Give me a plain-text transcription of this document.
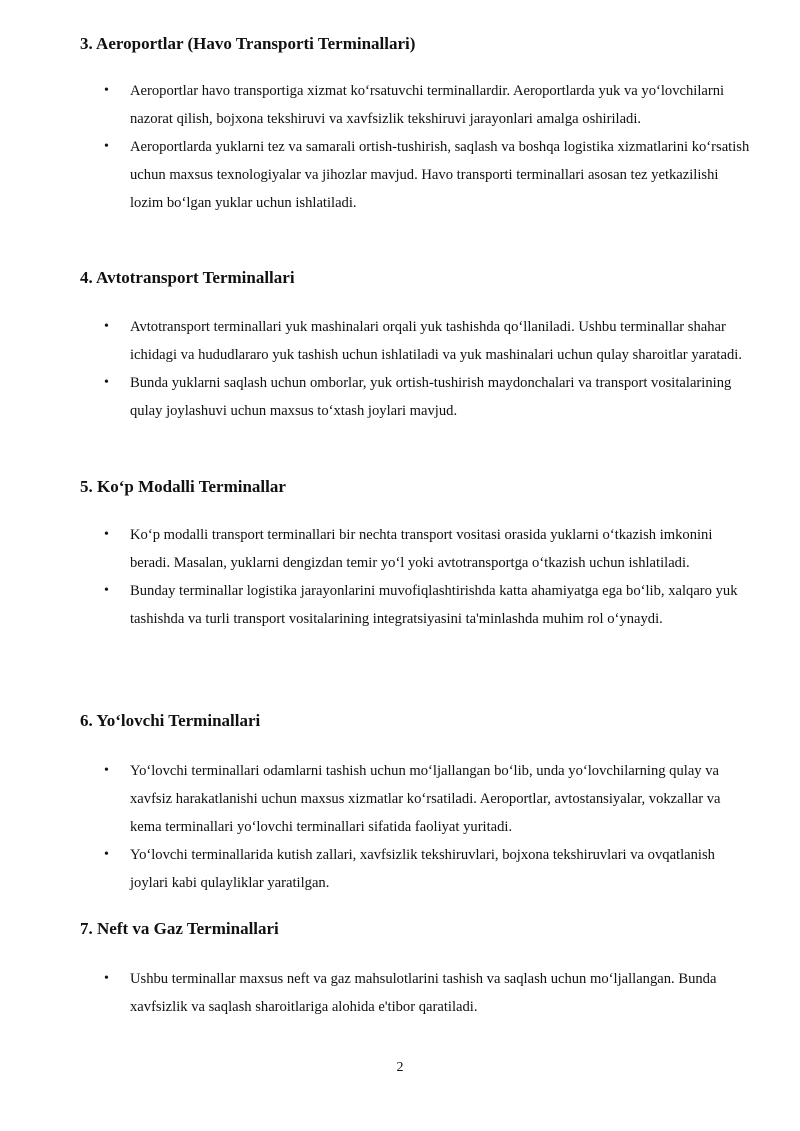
3. Aeroportlar (Havo Transporti Terminallari)
• Aeroportlar havo transportiga xizmat ko‘rsatuvchi terminallardir. Aeroportlarda yuk va yo‘lovchilarni nazorat qilish, bojxona tekshiruvi va xavfsizlik tekshiruvi jarayonlari amalga oshiriladi.
• Aeroportlarda yuklarni tez va samarali ortish-tushirish, saqlash va boshqa logistika xizmatlarini ko‘rsatish uchun maxsus texnologiyalar va jihozlar mavjud. Havo transporti terminallari asosan tez yetkazilishi lozim bo‘lgan yuklar uchun ishlatiladi.
4. Avtotransport Terminallari
• Avtotransport terminallari yuk mashinalari orqali yuk tashishda qo‘llaniladi. Ushbu terminallar shahar ichidagi va hududlararo yuk tashish uchun ishlatiladi va yuk mashinalari uchun qulay sharoitlar yaratadi.
• Bunda yuklarni saqlash uchun omborlar, yuk ortish-tushirish maydonchalari va transport vositalarining qulay joylashuvi uchun maxsus to‘xtash joylari mavjud.
5. Ko‘p Modalli Terminallar
• Ko‘p modalli transport terminallari bir nechta transport vositasi orasida yuklarni o‘tkazish imkonini beradi. Masalan, yuklarni dengizdan temir yo‘l yoki avtotransportga o‘tkazish uchun ishlatiladi.
• Bunday terminallar logistika jarayonlarini muvofiqlashtirishda katta ahamiyatga ega bo‘lib, xalqaro yuk tashishda va turli transport vositalarining integratsiyasini ta'minlashda muhim rol o‘ynaydi.
6. Yo‘lovchi Terminallari
• Yo‘lovchi terminallari odamlarni tashish uchun mo‘ljallangan bo‘lib, unda yo‘lovchilarning qulay va xavfsiz harakatlanishi uchun maxsus xizmatlar ko‘rsatiladi. Aeroportlar, avtostansiyalar, vokzallar va kema terminallari yo‘lovchi terminallari sifatida faoliyat yuritadi.
• Yo‘lovchi terminallarida kutish zallari, xavfsizlik tekshiruvlari, bojxona tekshiruvlari va ovqatlanish joylari kabi qulayliklar yaratilgan.
7. Neft va Gaz Terminallari
• Ushbu terminallar maxsus neft va gaz mahsulotlarini tashish va saqlash uchun mo‘ljallangan. Bunda xavfsizlik va saqlash sharoitlariga alohida e'tibor qaratiladi.
2
